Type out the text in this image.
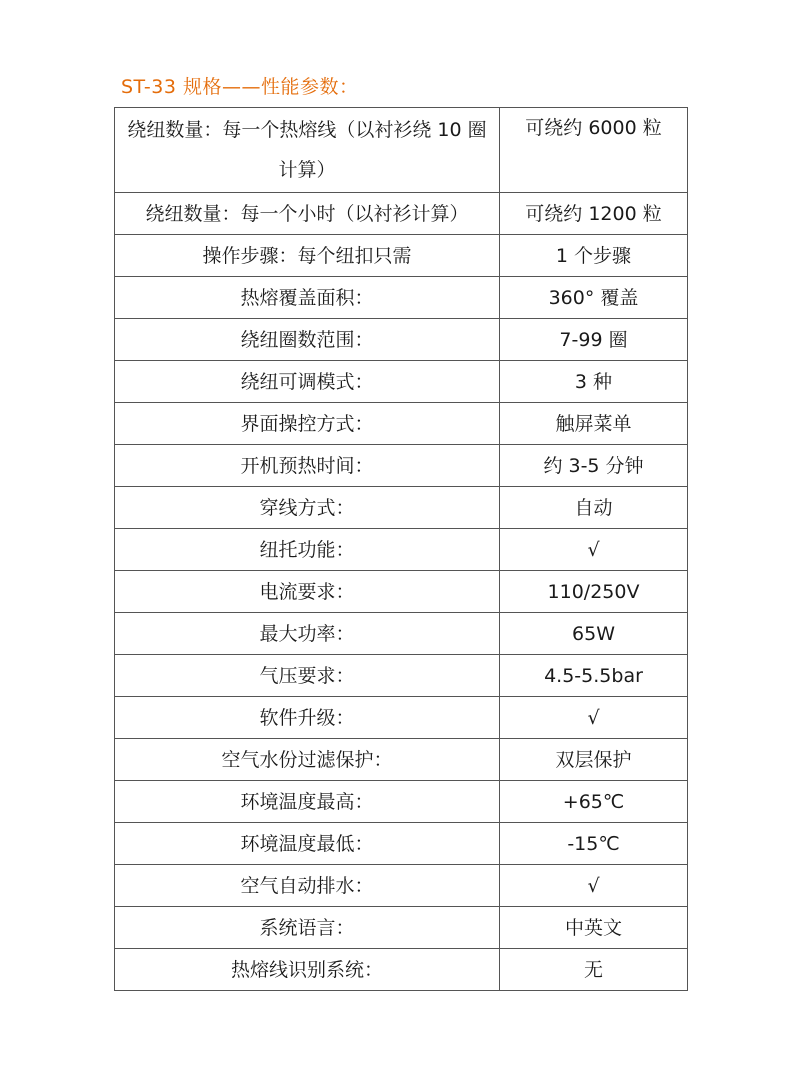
ST-33 规格——性能参数：
绕纽数量：每一个热熔线（以衬衫绕 10 圈计算）	可绕约 6000 粒
绕纽数量：每一个小时（以衬衫计算）	可绕约 1200 粒
操作步骤：每个纽扣只需	1 个步骤
热熔覆盖面积：	360° 覆盖
绕纽圈数范围：	7-99 圈
绕纽可调模式：	3 种
界面操控方式：	触屏菜单
开机预热时间：	约 3-5 分钟
穿线方式：	自动
纽托功能：	√
电流要求：	110/250V
最大功率：	65W
气压要求：	4.5-5.5bar
软件升级：	√
空气水份过滤保护：	双层保护
环境温度最高：	+65℃
环境温度最低：	-15℃
空气自动排水：	√
系统语言：	中英文
热熔线识别系统：	无
